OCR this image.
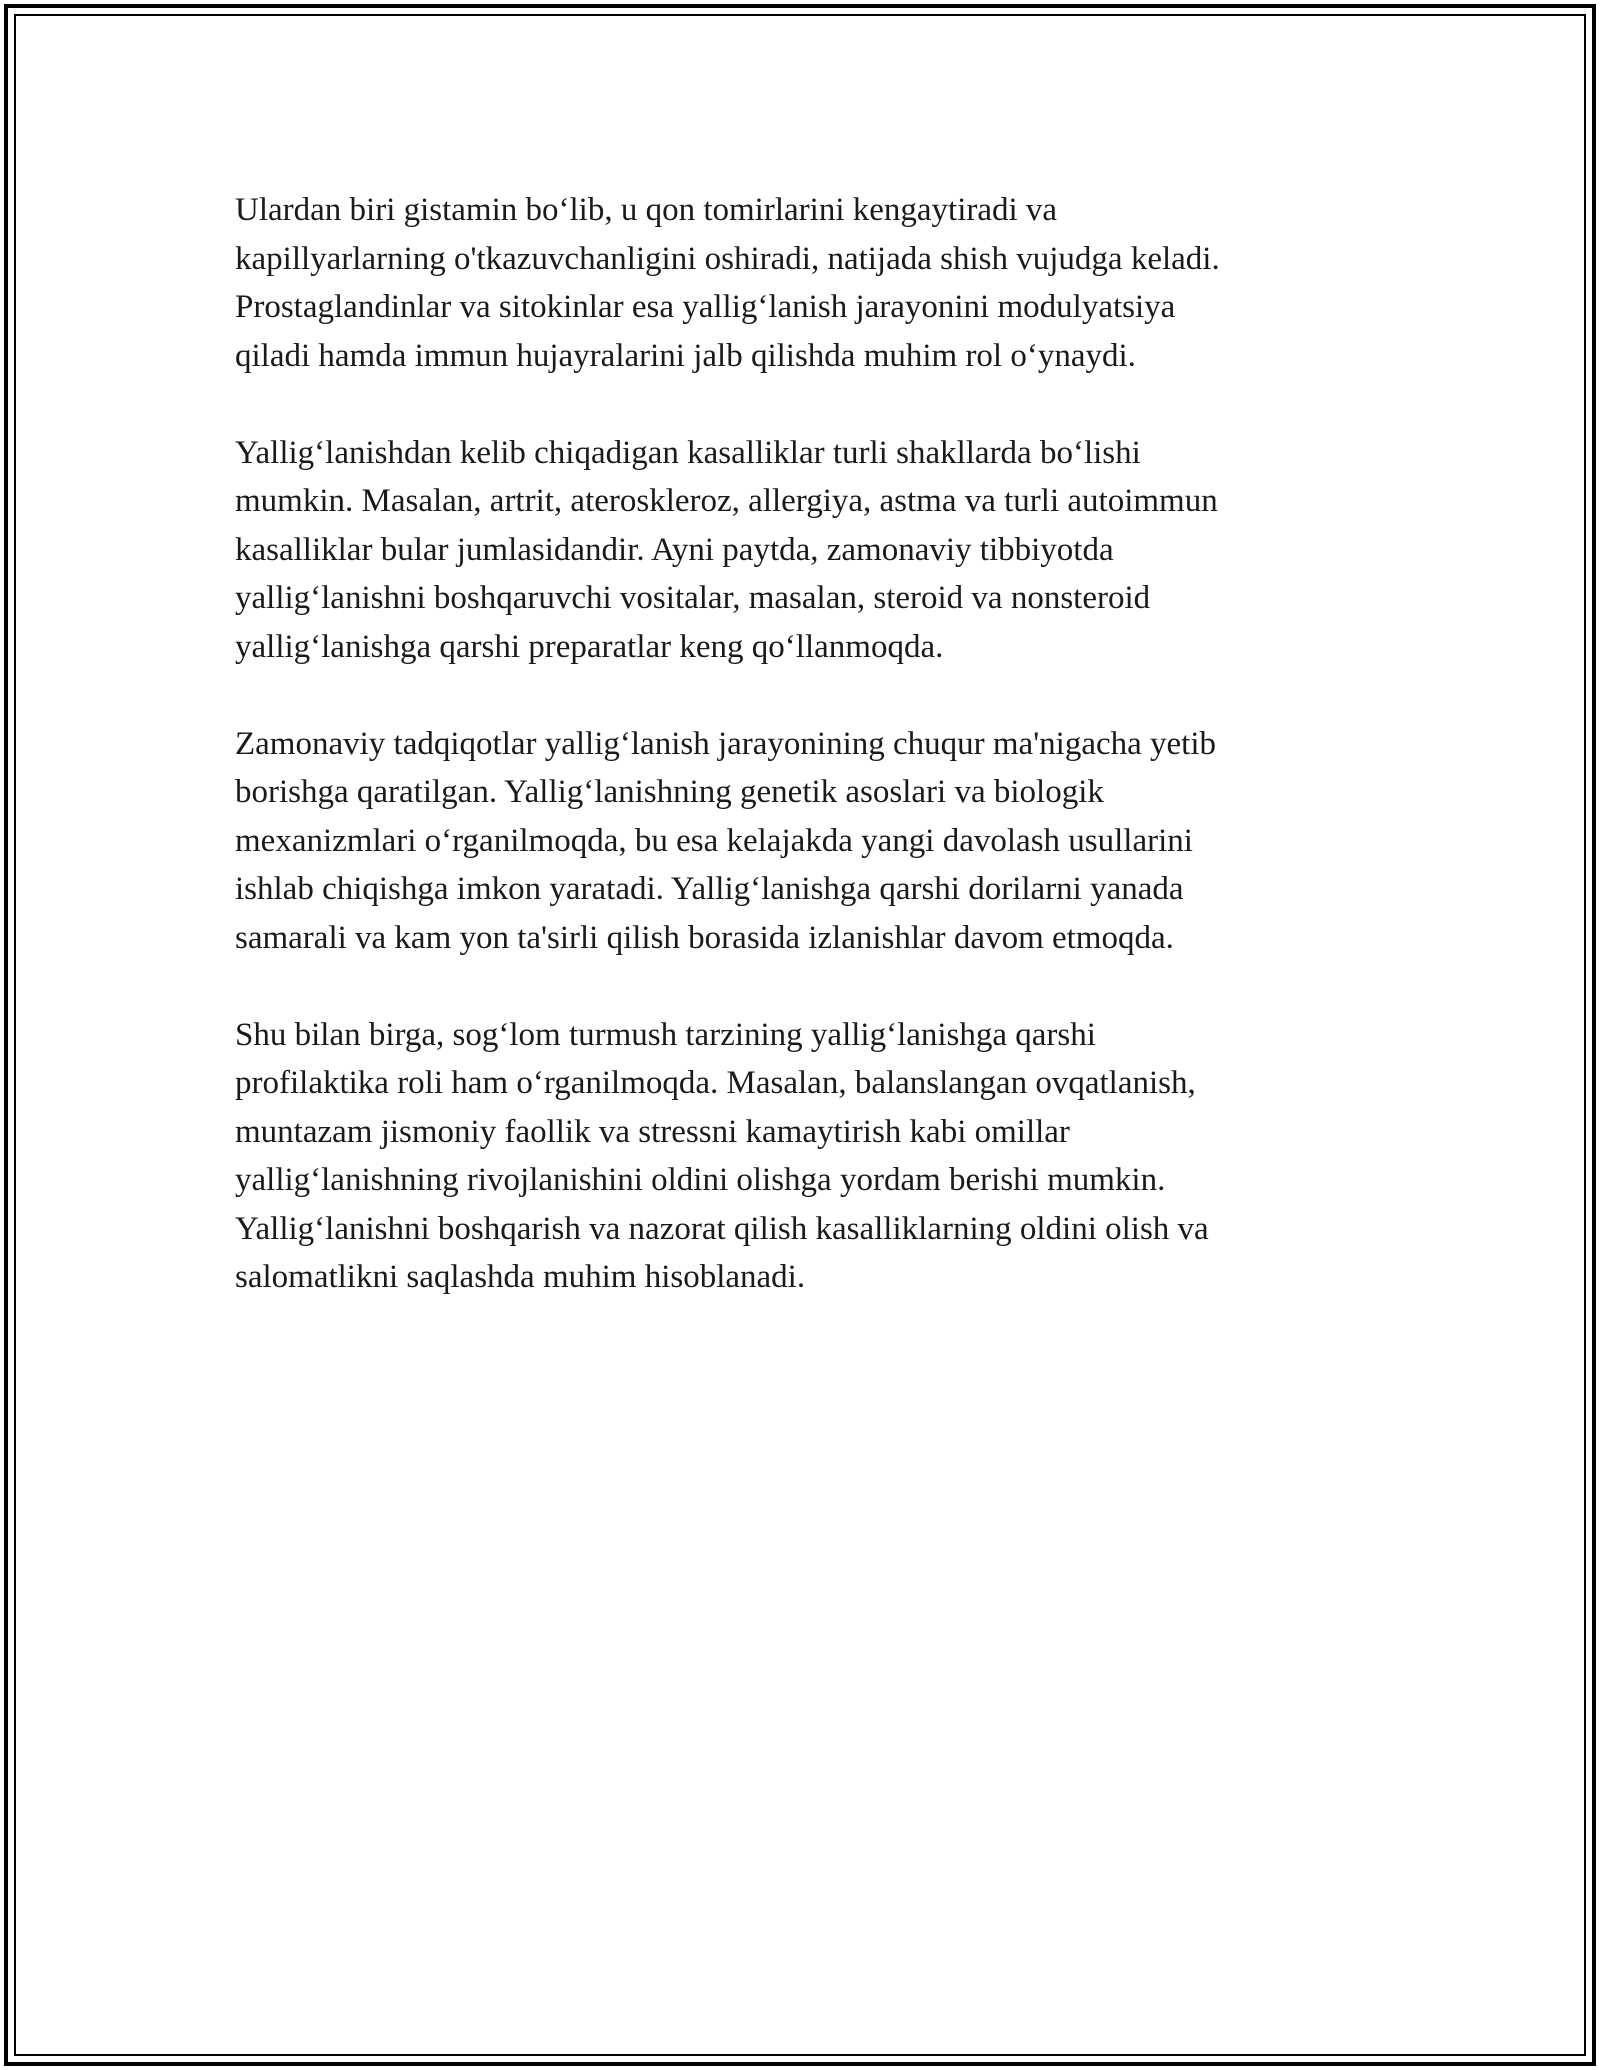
Ulardan biri gistamin bo‘lib, u qon tomirlarini kengaytiradi va
kapillyarlarning o'tkazuvchanligini oshiradi, natijada shish vujudga keladi.
Prostaglandinlar va sitokinlar esa yallig‘lanish jarayonini modulyatsiya
qiladi hamda immun hujayralarini jalb qilishda muhim rol o‘ynaydi.

Yallig‘lanishdan kelib chiqadigan kasalliklar turli shakllarda bo‘lishi
mumkin. Masalan, artrit, ateroskleroz, allergiya, astma va turli autoimmun
kasalliklar bular jumlasidandir. Ayni paytda, zamonaviy tibbiyotda
yallig‘lanishni boshqaruvchi vositalar, masalan, steroid va nonsteroid
yallig‘lanishga qarshi preparatlar keng qo‘llanmoqda.

Zamonaviy tadqiqotlar yallig‘lanish jarayonining chuqur ma'nigacha yetib
borishga qaratilgan. Yallig‘lanishning genetik asoslari va biologik
mexanizmlari o‘rganilmoqda, bu esa kelajakda yangi davolash usullarini
ishlab chiqishga imkon yaratadi. Yallig‘lanishga qarshi dorilarni yanada
samarali va kam yon ta'sirli qilish borasida izlanishlar davom etmoqda.

Shu bilan birga, sog‘lom turmush tarzining yallig‘lanishga qarshi
profilaktika roli ham o‘rganilmoqda. Masalan, balanslangan ovqatlanish,
muntazam jismoniy faollik va stressni kamaytirish kabi omillar
yallig‘lanishning rivojlanishini oldini olishga yordam berishi mumkin.
Yallig‘lanishni boshqarish va nazorat qilish kasalliklarning oldini olish va
salomatlikni saqlashda muhim hisoblanadi.
